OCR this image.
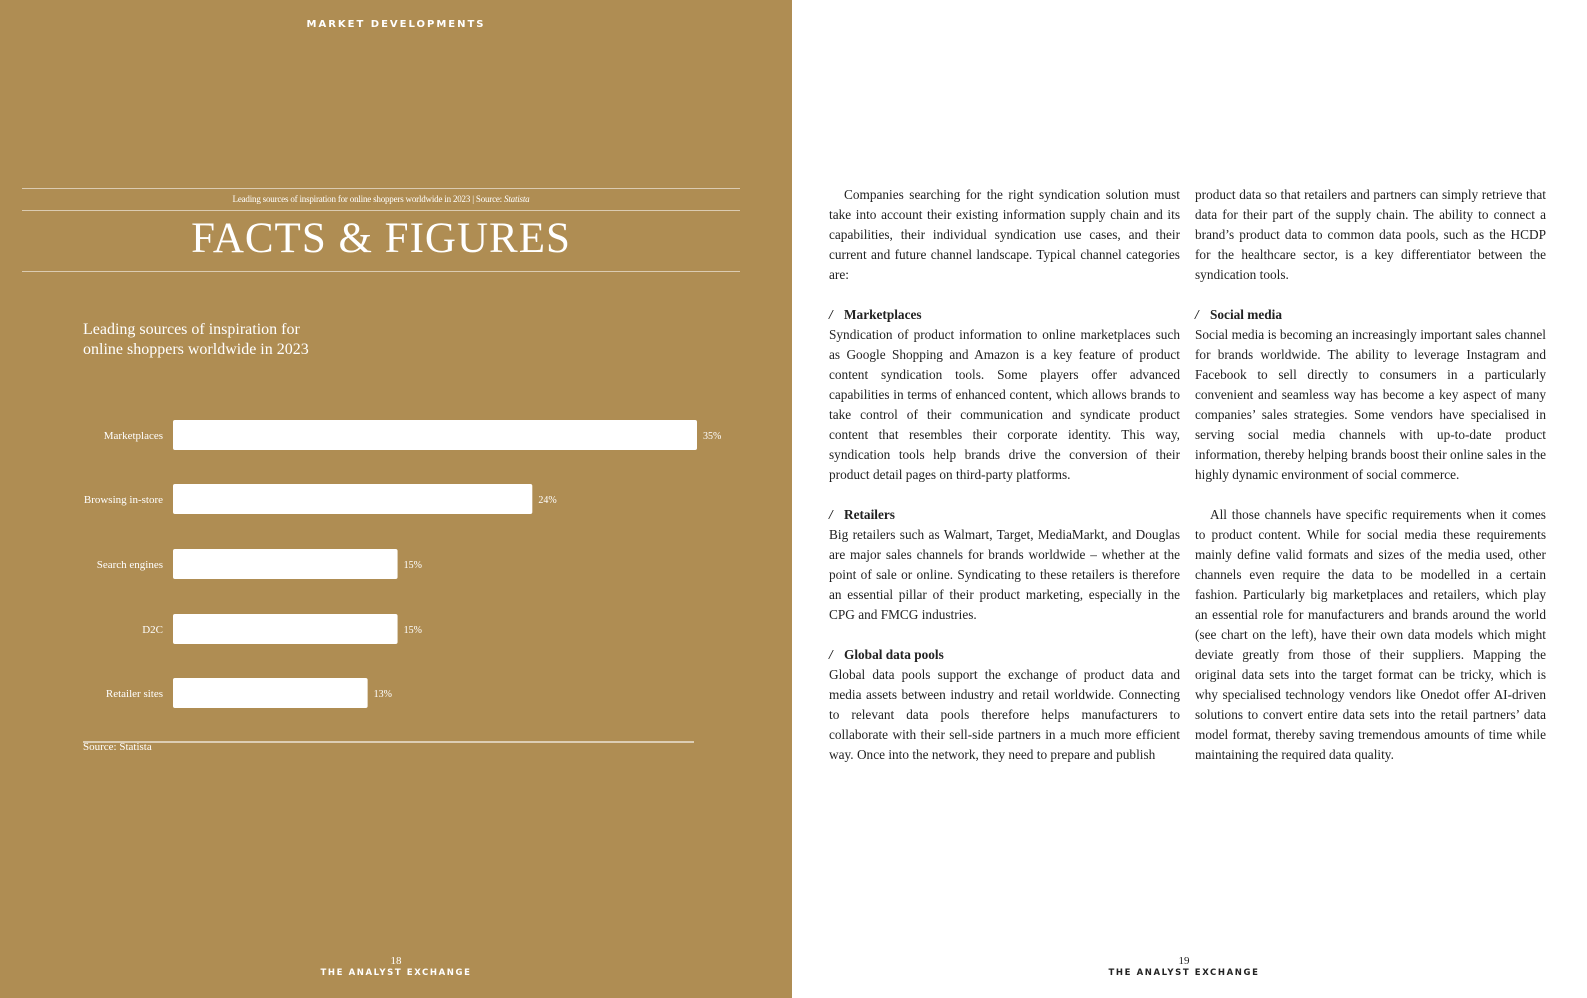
MARKET DEVELOPMENTS
Leading sources of inspiration for online shoppers worldwide in 2023 | Source: Statista
FACTS & FIGURES
Leading sources of inspiration for
online shoppers worldwide in 2023
Marketplaces	35%
Browsing in-store	24%
Search engines	15%
D2C	15%
Retailer sites	13%
Source: Statista
18
THE ANALYST EXCHANGE

Companies searching for the right syndication solution must take into account their existing information supply chain and its capabilities, their individual syndication use cases, and their current and future channel landscape. Typical channel categories are:

/ Marketplaces

Syndication of product information to online marketplaces such as Google Shopping and Amazon is a key feature of product content syndication tools. Some players offer advanced capabilities in terms of enhanced content, which allows brands to take control of their communication and syndicate product content that resembles their corporate identity. This way, syndication tools help brands drive the conversion of their product detail pages on third-party platforms.

/ Retailers

Big retailers such as Walmart, Target, MediaMarkt, and Douglas are major sales channels for brands worldwide – whether at the point of sale or online. Syndicating to these retailers is therefore an essential pillar of their product marketing, especially in the CPG and FMCG industries.

/ Global data pools

Global data pools support the exchange of product data and media assets between industry and retail worldwide. Connecting to relevant data pools therefore helps manufacturers to collaborate with their sell-side partners in a much more efficient way. Once into the network, they need to prepare and publish

product data so that retailers and partners can simply retrieve that data for their part of the supply chain. The ability to connect a brand’s product data to common data pools, such as the HCDP for the healthcare sector, is a key differentiator between the syndication tools.

/ Social media

Social media is becoming an increasingly important sales channel for brands worldwide. The ability to leverage Instagram and Facebook to sell directly to consumers in a particularly convenient and seamless way has become a key aspect of many companies’ sales strategies. Some vendors have specialised in serving social media channels with up-to-date product information, thereby helping brands boost their online sales in the highly dynamic environment of social commerce.

All those channels have specific requirements when it comes to product content. While for social media these requirements mainly define valid formats and sizes of the media used, other channels even require the data to be modelled in a certain fashion. Particularly big marketplaces and retailers, which play an essential role for manufacturers and brands around the world (see chart on the left), have their own data models which might deviate greatly from those of their suppliers. Mapping the original data sets into the target format can be tricky, which is why specialised technology vendors like Onedot offer AI-driven solutions to convert entire data sets into the retail partners’ data model format, thereby saving tremendous amounts of time while maintaining the required data quality.

19
THE ANALYST EXCHANGE
